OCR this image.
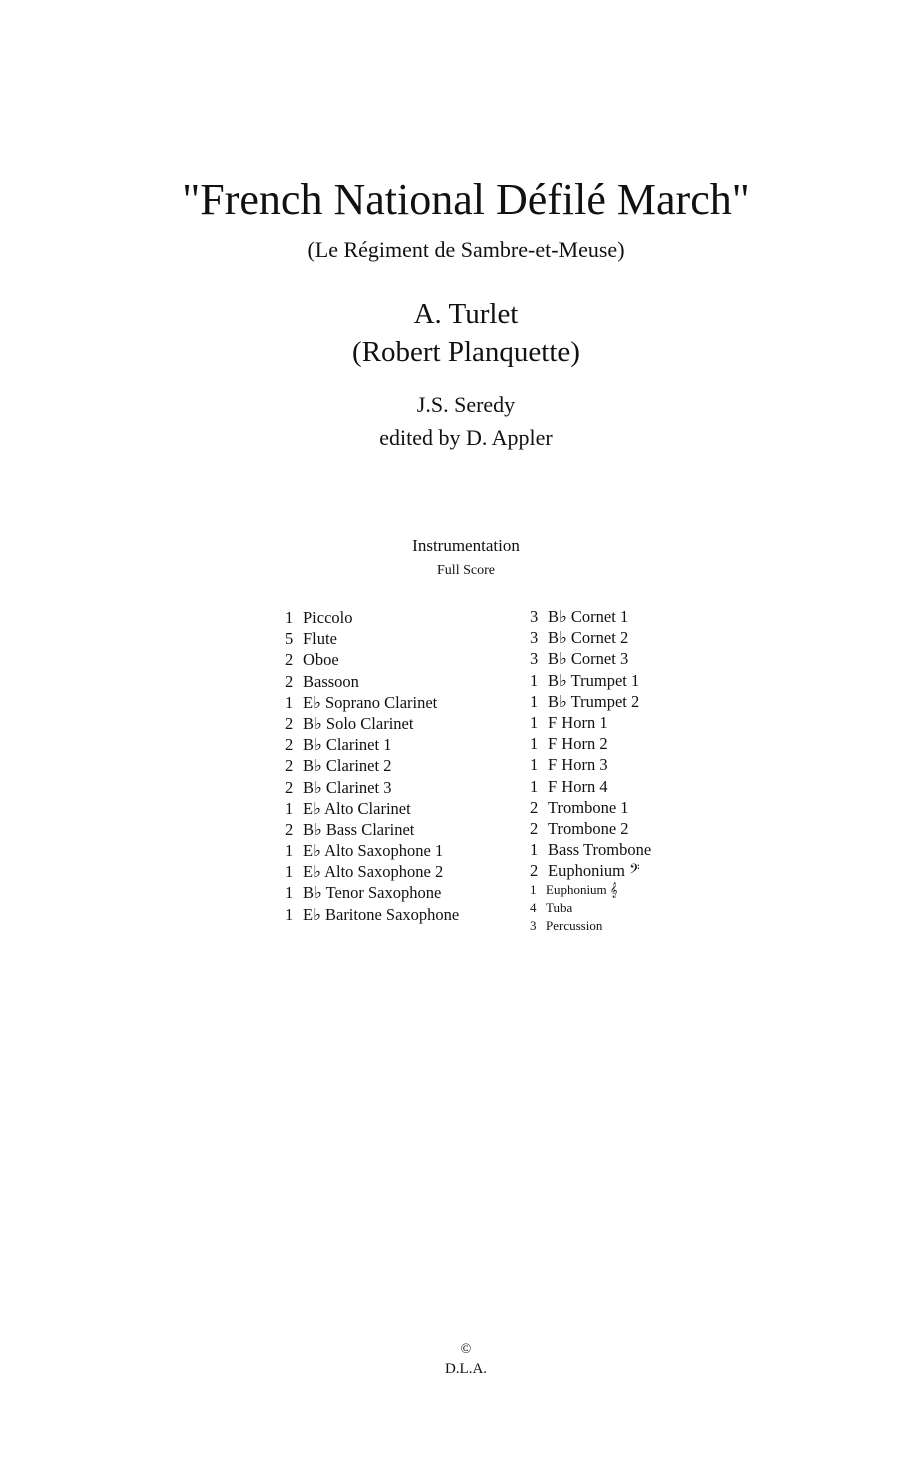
"French National Défilé March"
(Le Régiment de Sambre-et-Meuse)
A. Turlet
(Robert Planquette)
J.S. Seredy
edited by D. Appler
Instrumentation
Full Score
1 Piccolo
5 Flute
2 Oboe
2 Bassoon
1 E♭ Soprano Clarinet
2 B♭ Solo Clarinet
2 B♭ Clarinet 1
2 B♭ Clarinet 2
2 B♭ Clarinet 3
1 E♭ Alto Clarinet
2 B♭ Bass Clarinet
1 E♭ Alto Saxophone 1
1 E♭ Alto Saxophone 2
1 B♭ Tenor Saxophone
1 E♭ Baritone Saxophone
3 B♭ Cornet 1
3 B♭ Cornet 2
3 B♭ Cornet 3
1 B♭ Trumpet 1
1 B♭ Trumpet 2
1 F Horn 1
1 F Horn 2
1 F Horn 3
1 F Horn 4
2 Trombone 1
2 Trombone 2
1 Bass Trombone
2 Euphonium 𝄢
1 Euphonium 𝄞
4 Tuba
3 Percussion
©
D.L.A.
